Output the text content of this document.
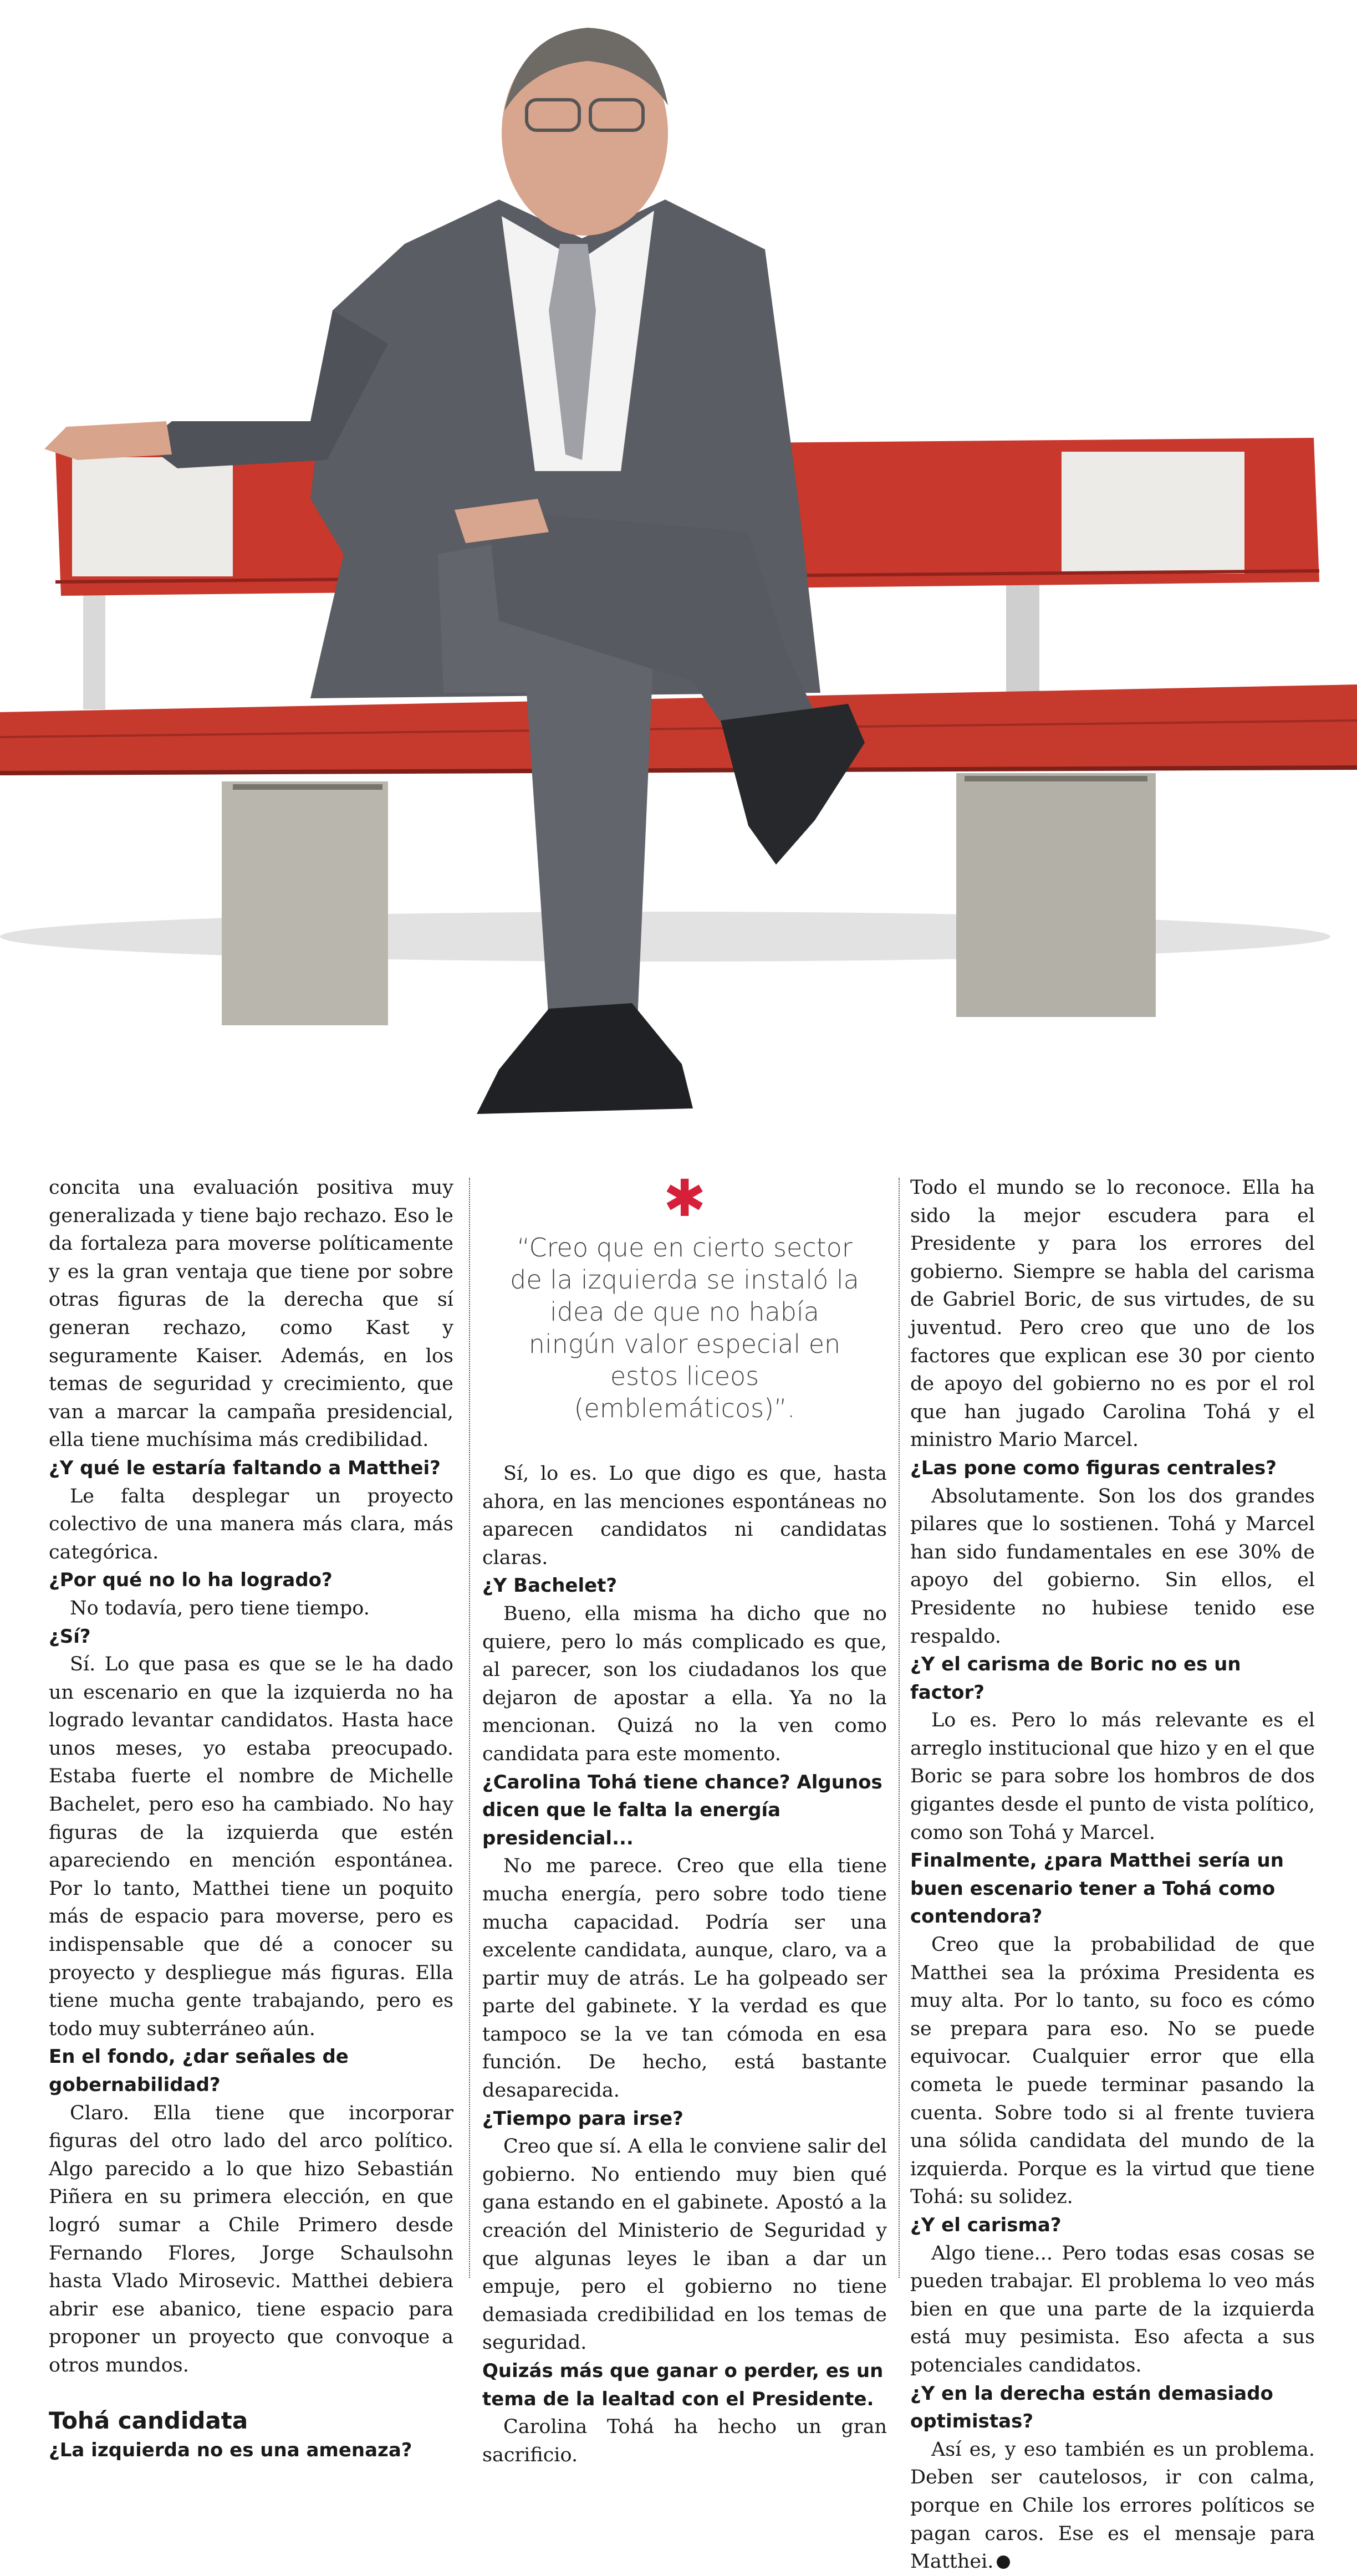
concita una evaluación positiva muy generalizada y tiene bajo rechazo. Eso le da fortaleza para moverse políticamente y es la gran ventaja que tiene por sobre otras figuras de la derecha que sí generan rechazo, como Kast y seguramente Kaiser. Además, en los temas de seguridad y crecimiento, que van a marcar la campaña presidencial, ella tiene muchísima más credibilidad.

¿Y qué le estaría faltando a Matthei?

Le falta desplegar un proyecto colectivo de una manera más clara, más categórica.

¿Por qué no lo ha logrado?

No todavía, pero tiene tiempo.

¿Sí?

Sí. Lo que pasa es que se le ha dado un escenario en que la izquierda no ha logrado levantar candidatos. Hasta hace unos meses, yo estaba preocupado. Estaba fuerte el nombre de Michelle Bachelet, pero eso ha cambiado. No hay figuras de la izquierda que estén apareciendo en mención espontánea. Por lo tanto, Matthei tiene un poquito más de espacio para moverse, pero es indispensable que dé a conocer su proyecto y despliegue más figuras. Ella tiene mucha gente trabajando, pero es todo muy subterráneo aún.

En el fondo, ¿dar señales de gobernabilidad?

Claro. Ella tiene que incorporar figuras del otro lado del arco político. Algo parecido a lo que hizo Sebastián Piñera en su primera elección, en que logró sumar a Chile Primero desde Fernando Flores, Jorge Schaulsohn hasta Vlado Mirosevic. Matthei debiera abrir ese abanico, tiene espacio para proponer un proyecto que convoque a otros mundos.

Tohá candidata

¿La izquierda no es una amenaza?

✱
“Creo que en cierto sector de la izquierda se instaló la idea de que no había ningún valor especial en estos liceos (emblemáticos)”.

Sí, lo es. Lo que digo es que, hasta ahora, en las menciones espontáneas no aparecen candidatos ni candidatas claras.

¿Y Bachelet?

Bueno, ella misma ha dicho que no quiere, pero lo más complicado es que, al parecer, son los ciudadanos los que dejaron de apostar a ella. Ya no la mencionan. Quizá no la ven como candidata para este momento.

¿Carolina Tohá tiene chance? Algunos dicen que le falta la energía presidencial...

No me parece. Creo que ella tiene mucha energía, pero sobre todo tiene mucha capacidad. Podría ser una excelente candidata, aunque, claro, va a partir muy de atrás. Le ha golpeado ser parte del gabinete. Y la verdad es que tampoco se la ve tan cómoda en esa función. De hecho, está bastante desaparecida.

¿Tiempo para irse?

Creo que sí. A ella le conviene salir del gobierno. No entiendo muy bien qué gana estando en el gabinete. Apostó a la creación del Ministerio de Seguridad y que algunas leyes le iban a dar un empuje, pero el gobierno no tiene demasiada credibilidad en los temas de seguridad.

Quizás más que ganar o perder, es un tema de la lealtad con el Presidente.

Carolina Tohá ha hecho un gran sacrificio.

Todo el mundo se lo reconoce. Ella ha sido la mejor escudera para el Presidente y para los errores del gobierno. Siempre se habla del carisma de Gabriel Boric, de sus virtudes, de su juventud. Pero creo que uno de los factores que explican ese 30 por ciento de apoyo del gobierno no es por el rol que han jugado Carolina Tohá y el ministro Mario Marcel.

¿Las pone como figuras centrales?

Absolutamente. Son los dos grandes pilares que lo sostienen. Tohá y Marcel han sido fundamentales en ese 30% de apoyo del gobierno. Sin ellos, el Presidente no hubiese tenido ese respaldo.

¿Y el carisma de Boric no es un factor?

Lo es. Pero lo más relevante es el arreglo institucional que hizo y en el que Boric se para sobre los hombros de dos gigantes desde el punto de vista político, como son Tohá y Marcel.

Finalmente, ¿para Matthei sería un buen escenario tener a Tohá como contendora?

Creo que la probabilidad de que Matthei sea la próxima Presidenta es muy alta. Por lo tanto, su foco es cómo se prepara para eso. No se puede equivocar. Cualquier error que ella cometa le puede terminar pasando la cuenta. Sobre todo si al frente tuviera una sólida candidata del mundo de la izquierda. Porque es la virtud que tiene Tohá: su solidez.

¿Y el carisma?

Algo tiene... Pero todas esas cosas se pueden trabajar. El problema lo veo más bien en que una parte de la izquierda está muy pesimista. Eso afecta a sus potenciales candidatos.

¿Y en la derecha están demasiado optimistas?

Así es, y eso también es un problema. Deben ser cautelosos, ir con calma, porque en Chile los errores políticos se pagan caros. Ese es el mensaje para Matthei.
